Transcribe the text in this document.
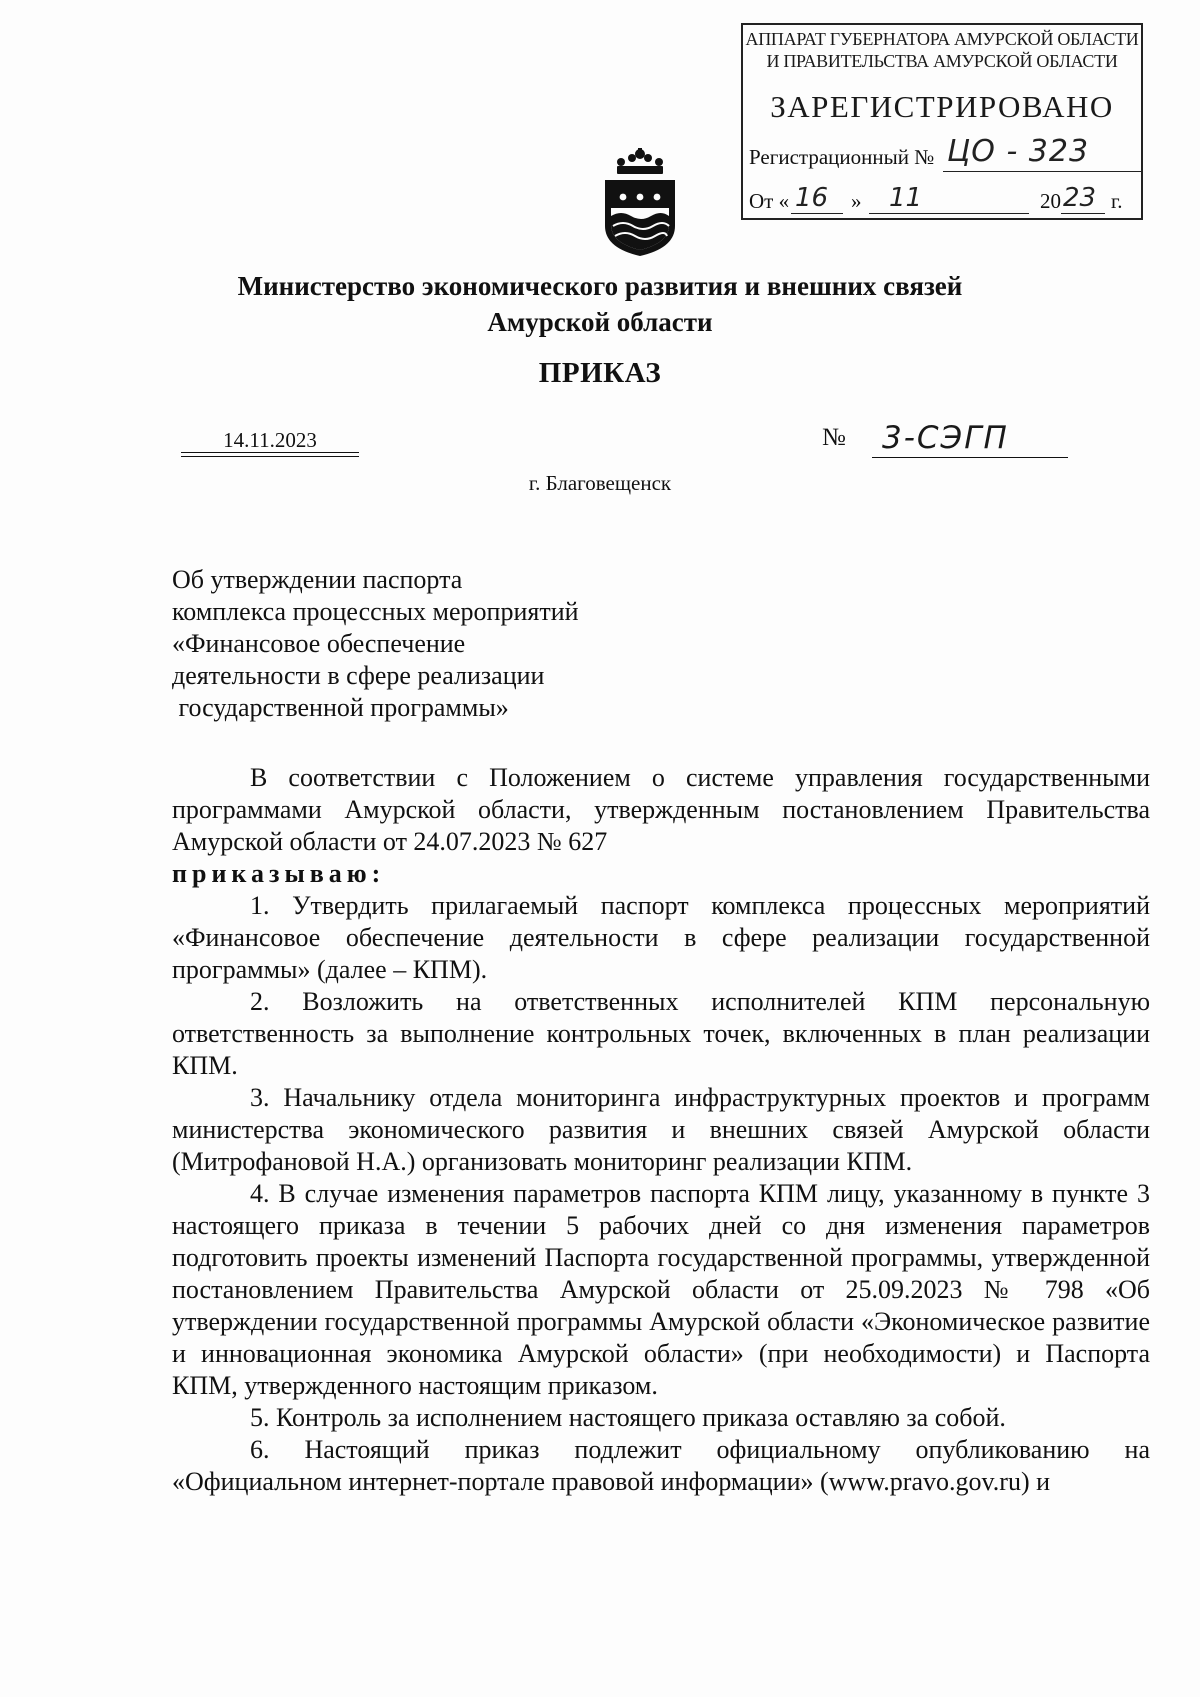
АППАРАТ ГУБЕРНАТОРА АМУРСКОЙ ОБЛАСТИ
И ПРАВИТЕЛЬСТВА АМУРСКОЙ ОБЛАСТИ
ЗАРЕГИСТРИРОВАНО
Регистрационный № ЦО - 323
От « 16 » 11	20 23 г.
Министерство экономического развития и внешних связей
Амурской области
ПРИКАЗ
14.11.2023	№	3-СЭГП
г. Благовещенск
Об утверждении паспорта
комплекса процессных мероприятий
«Финансовое обеспечение
деятельности в сфере реализации
государственной программы»

В соответствии с Положением о системе управления государственными программами Амурской области, утвержденным постановлением Правительства Амурской области от 24.07.2023 № 627

приказываю:

1. Утвердить прилагаемый паспорт комплекса процессных мероприятий «Финансовое обеспечение деятельности в сфере реализации государственной программы» (далее – КПМ).

2. Возложить на ответственных исполнителей КПМ персональную ответственность за выполнение контрольных точек, включенных в план реализации КПМ.

3. Начальнику отдела мониторинга инфраструктурных проектов и программ министерства экономического развития и внешних связей Амурской области (Митрофановой Н.А.) организовать мониторинг реализации КПМ.

4. В случае изменения параметров паспорта КПМ лицу, указанному в пункте 3 настоящего приказа в течении 5 рабочих дней со дня изменения параметров подготовить проекты изменений Паспорта государственной программы, утвержденной постановлением Правительства Амурской области от 25.09.2023 № 798 «Об утверждении государственной программы Амурской области «Экономическое развитие и инновационная экономика Амурской области» (при необходимости) и Паспорта КПМ, утвержденного настоящим приказом.

5. Контроль за исполнением настоящего приказа оставляю за собой.

6. Настоящий приказ подлежит официальному опубликованию на «Официальном интернет-портале правовой информации» (www.pravo.gov.ru) и
